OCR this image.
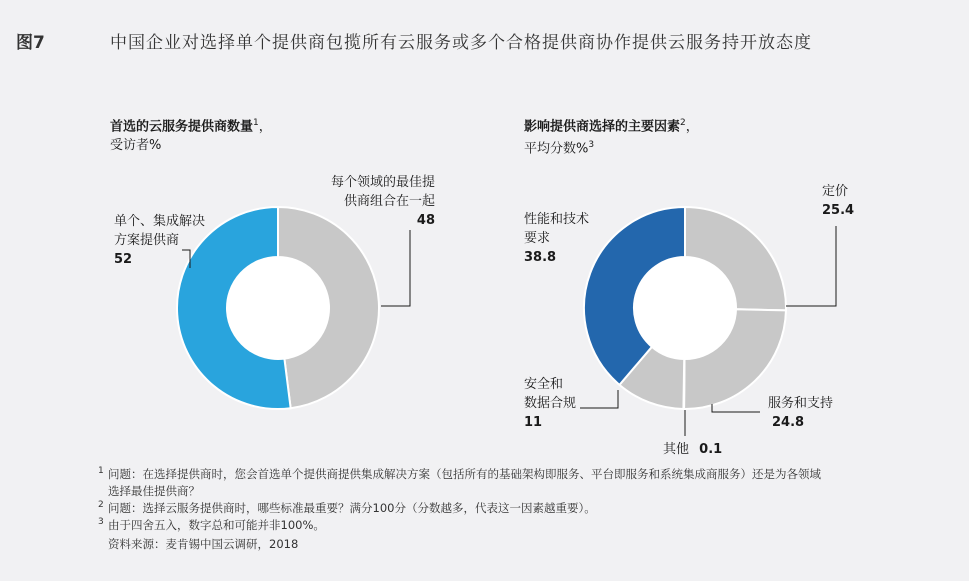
图7	中国企业对选择单个提供商包揽所有云服务或多个合格提供商协作提供云服务持开放态度
首选的云服务提供商数量$^1$，
受访者%
影响提供商选择的主要因素$^2$，
平均分数%$^3$
每个领域的最佳提
供商组合在一起
48
单个、集成解决
方案提供商
52
定价
25.4
性能和技术
要求
38.8
安全和
数据合规
11
服务和支持
24.8
其他 0.1
1 问题：在选择提供商时，您会首选单个提供商提供集成解决方案（包括所有的基础架构即服务、平台即服务和系统集成商服务）还是为各领域
选择最佳提供商？
2 问题：选择云服务提供商时，哪些标准最重要？满分100分（分数越多，代表这一因素越重要）。
3 由于四舍五入，数字总和可能并非100%。
资料来源：麦肯锡中国云调研，2018
